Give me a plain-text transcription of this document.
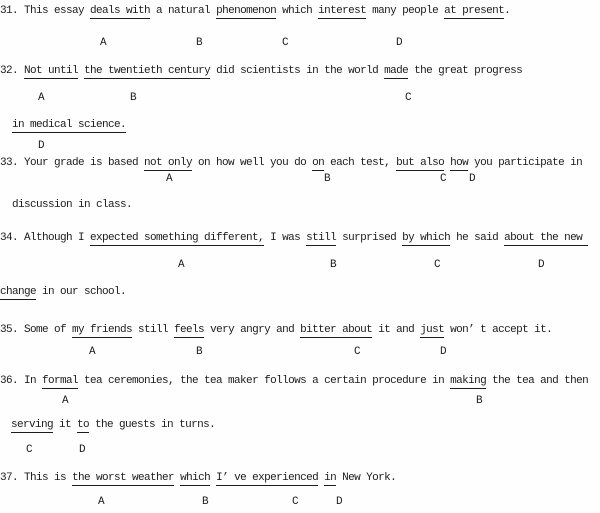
31. This essay deals with a natural phenomenon which interest many people at present.
A	B	C	D
32. Not until the twentieth century did scientists in the world made the great progress
A	B	C
in medical science.
D
33. Your grade is based not only on how well you do on each test, but also how you participate in
A	B	C D
discussion in class.
34. Although I expected something different, I was still surprised by which he said about the new
A	B	C	D
change in our school.
35. Some of my friends still feels very angry and bitter about it and just won’ t accept it.
A	B	C	D
36. In formal tea ceremonies, the tea maker follows a certain procedure in making the tea and then
A	B
serving it to the guests in turns.
C	D
37. This is the worst weather which I’ ve experienced in New York.
A	B	C	D
